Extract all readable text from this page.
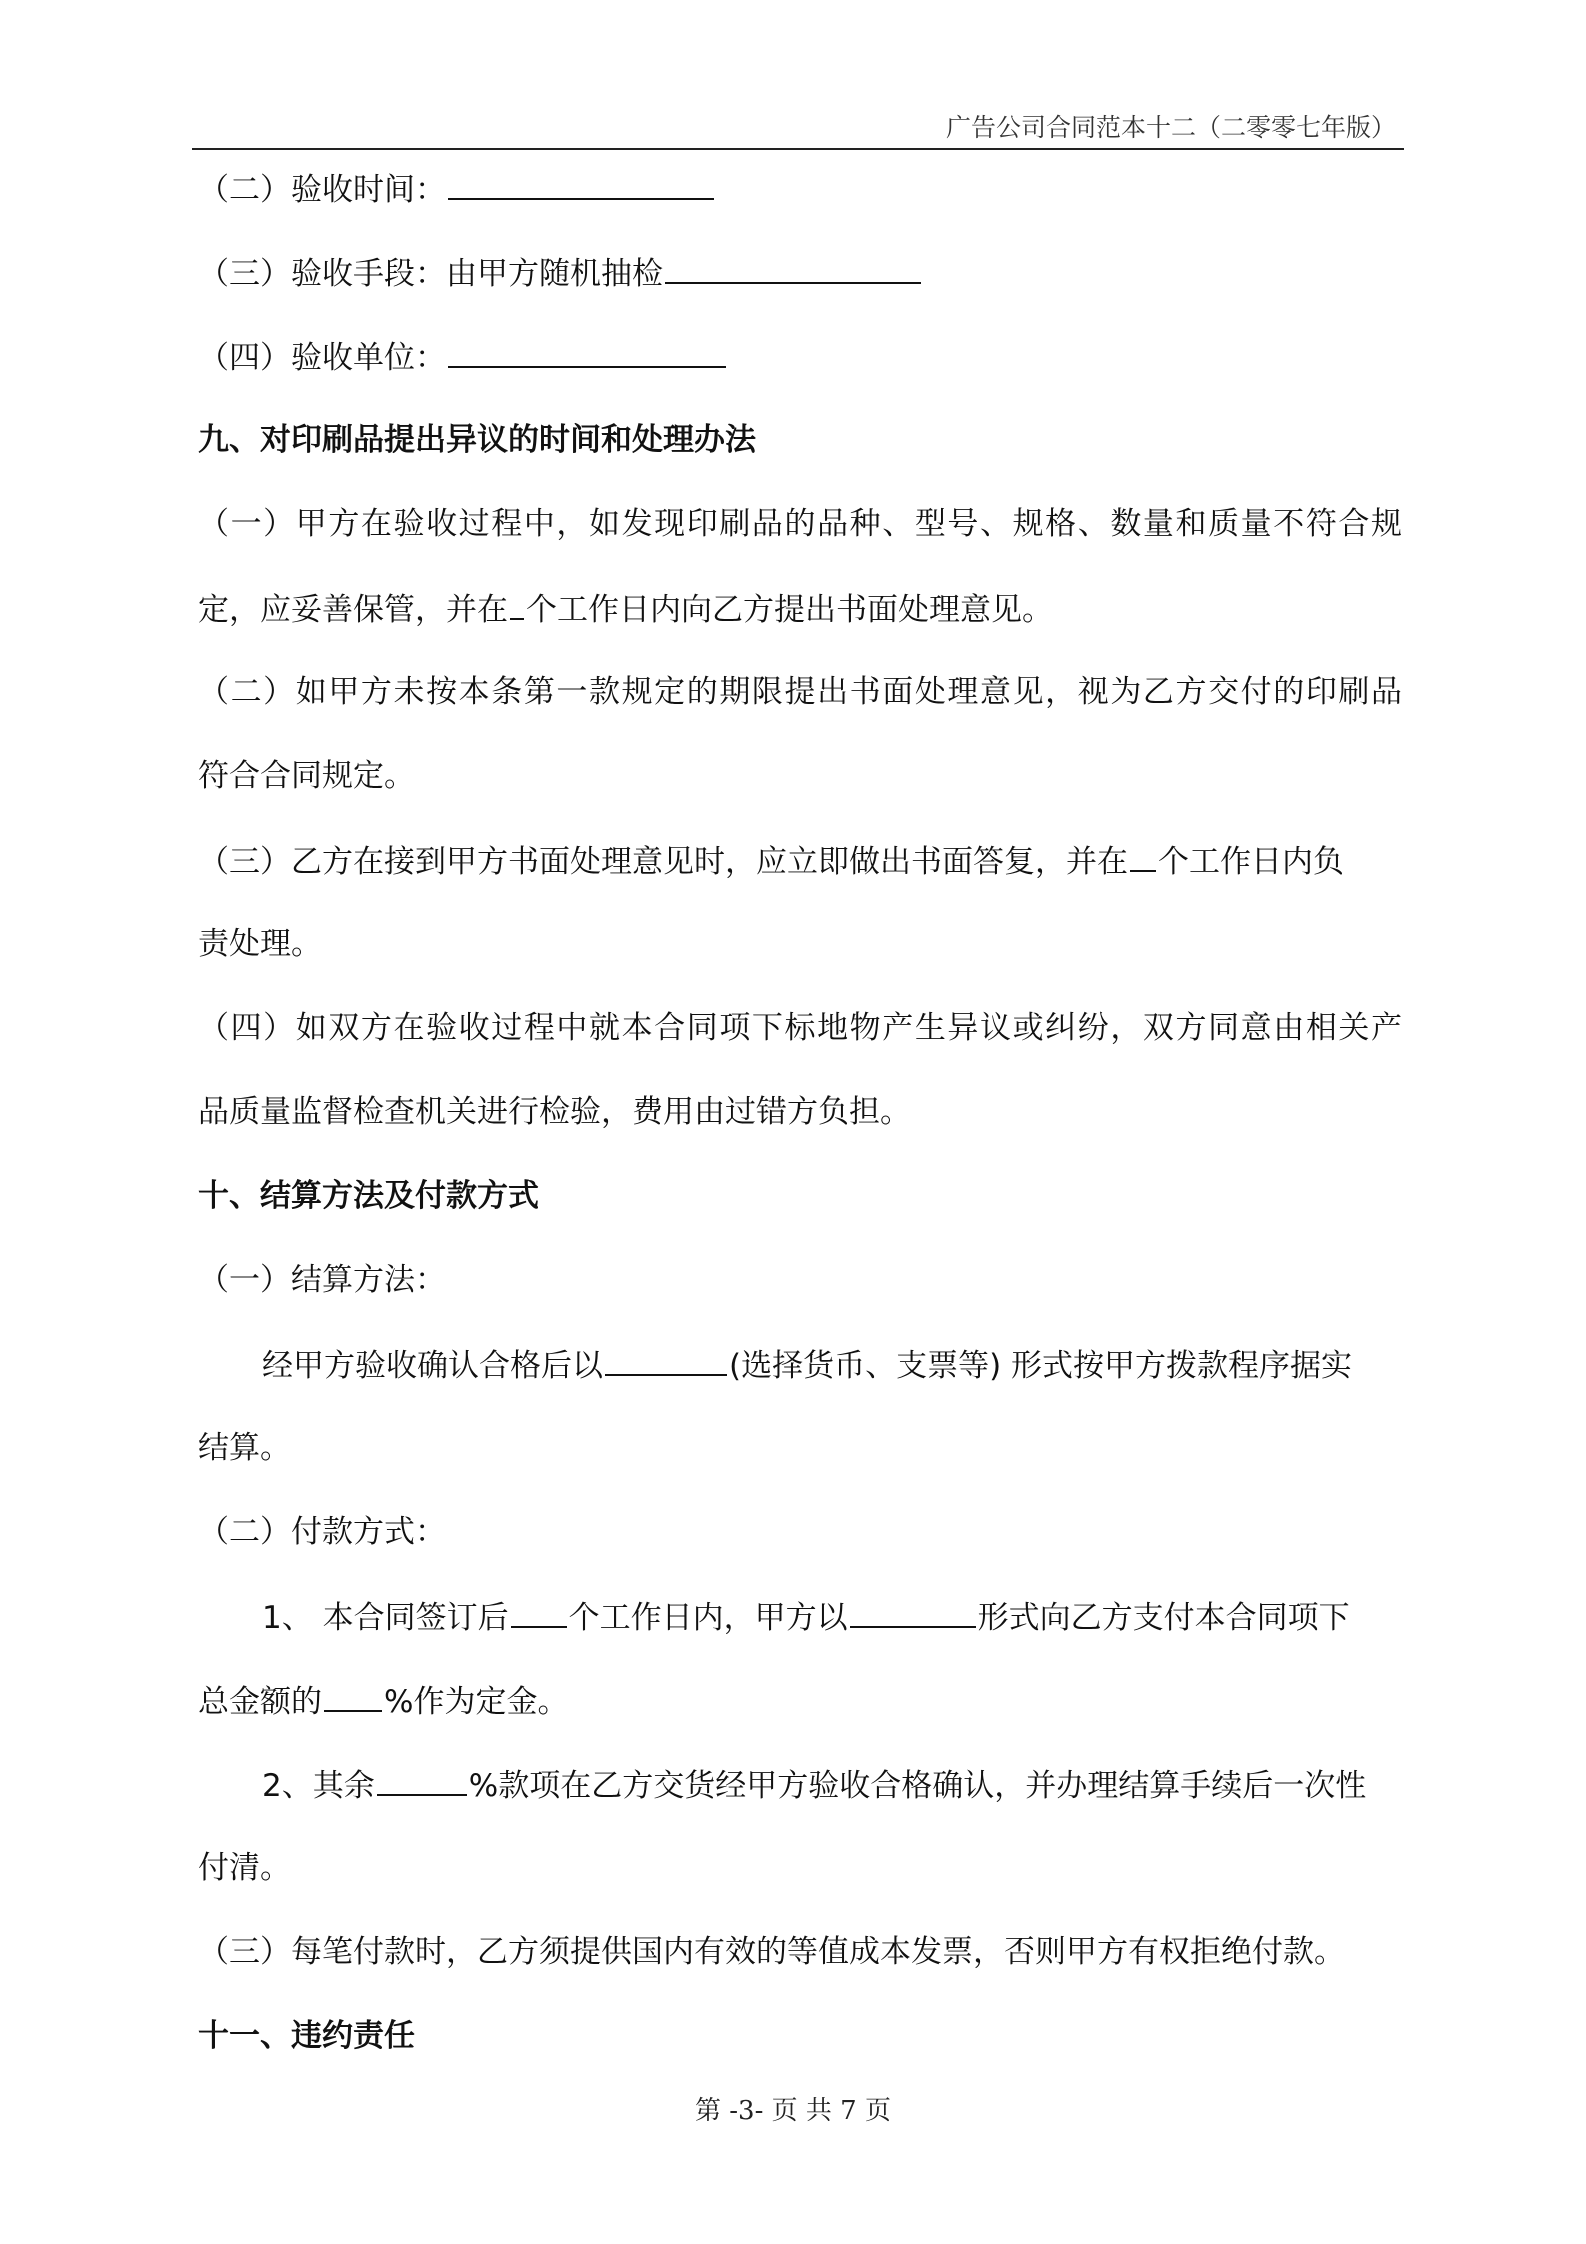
广告公司合同范本十二（二零零七年版）
（二）验收时间：
（三）验收手段：由甲方随机抽检
（四）验收单位：
九、对印刷品提出异议的时间和处理办法
（一）甲方在验收过程中，如发现印刷品的品种、型号、规格、数量和质量不符合规
定，应妥善保管，并在 个工作日内向乙方提出书面处理意见。
（二）如甲方未按本条第一款规定的期限提出书面处理意见，视为乙方交付的印刷品
符合合同规定。
（三）乙方在接到甲方书面处理意见时，应立即做出书面答复，并在 个工作日内负
责处理。
（四）如双方在验收过程中就本合同项下标地物产生异议或纠纷，双方同意由相关产
品质量监督检查机关进行检验，费用由过错方负担。
十、结算方法及付款方式
（一）结算方法：
经甲方验收确认合格后以	(选择货币、支票等) 形式按甲方拨款程序据实
结算。
（二）付款方式：
1、 本合同签订后 个工作日内，甲方以	形式向乙方支付本合同项下
总金额的 %作为定金。
2、其余	%款项在乙方交货经甲方验收合格确认，并办理结算手续后一次性
付清。
（三）每笔付款时，乙方须提供国内有效的等值成本发票，否则甲方有权拒绝付款。
十一、违约责任
第 -3- 页 共 7 页
